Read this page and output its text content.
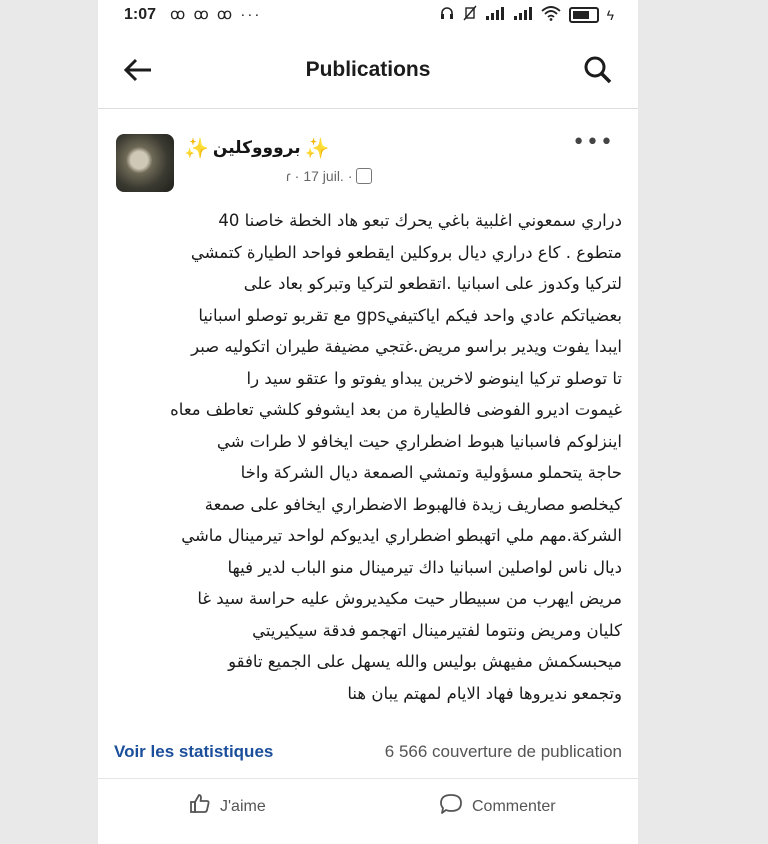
1:07 ꝏ ꝏ ꝏ ···	ϟ
Publications
✨ بروووكلين ✨
ɾ · 17 juil. ·
•••
دراري سمعوني اغلبية باغي يحرك تبعو هاد الخطة خاصنا 40
متطوع . كاع دراري ديال بروكلين ايقطعو فواحد الطيارة كتمشي
لتركيا وكدوز على اسبانيا .اتقطعو لتركيا وتبركو بعاد على
بعضياتكم عادي واحد فيكم اياكتيفيgps مع تقربو توصلو اسبانيا
ايبدا يفوت ويدير براسو مريض.غتجي مضيفة طيران اتكوليه صبر
تا توصلو تركيا اينوضو لاخرين يبداو يفوتو وا عتقو سيد را
غيموت اديرو الفوضى فالطيارة من بعد ايشوفو كلشي تعاطف معاه
اينزلوكم فاسبانيا هبوط اضطراري حيت ايخافو لا طرات شي
حاجة يتحملو مسؤولية وتمشي الصمعة ديال الشركة واخا
كيخلصو مصاريف زيدة فالهبوط الاضطراري ايخافو على صمعة
الشركة.مهم ملي اتهبطو اضطراري ايديوكم لواحد تيرمينال ماشي
ديال ناس لواصلين اسبانيا داك تيرمينال منو الباب لدير فيها
مريض ايهرب من سبيطار حيت مكيديروش عليه حراسة سيد غا
كليان ومريض ونتوما لفتيرمينال اتهجمو فدقة سيكيريتي
ميحبسكمش مفيهش بوليس والله يسهل على الجميع تافقو
وتجمعو نديروها فهاد الايام لمهتم يبان هنا
Voir les statistiques	6 566 couverture de publication
J'aime	Commenter
